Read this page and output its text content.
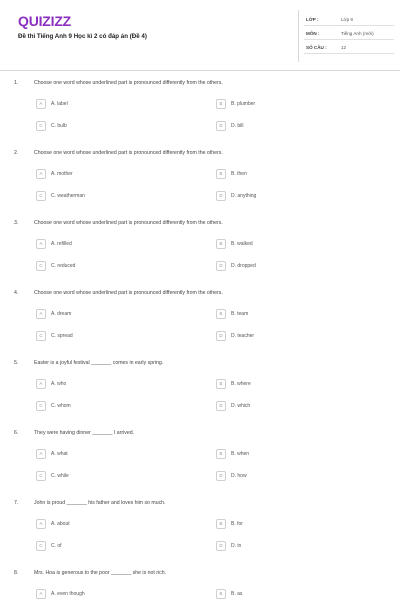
QUIZIZZ
Đề thi Tiếng Anh 9 Học kì 2 có đáp án (Đề 4)
LỚP :	Lớp 9
MÔN :	Tiếng Anh (mới)
SỐ CÂU :	12
1.	Choose one word whose underlined part is pronounced differently from the others.
A	A. label	B	B. plumber
C	C. bulb	D	D. bill
2.	Choose one word whose underlined part is pronounced differently from the others.
A	A. mother	B	B. then
C	C. weatherman	D	D. anything
3.	Choose one word whose underlined part is pronounced differently from the others.
A	A. refilled	B	B. walked
C	C. reduced	D	D. dropped
4.	Choose one word whose underlined part is pronounced differently from the others.
A	A. dream	B	B. team
C	C. spread	D	D. teacher
5.	Easter is a joyful festival _______ comes in early spring.
A	A. who	B	B. where
C	C. whom	D	D. which
6.	They were having dinner _______ I arrived.
A	A. what	B	B. when
C	C. while	D	D. how
7.	John is proud _______ his father and loves him so much.
A	A. about	B	B. for
C	C. of	D	D. in
8.	Mrs. Hoa is generous to the poor _______ she is not rich.
A	A. even though	B	B. as
